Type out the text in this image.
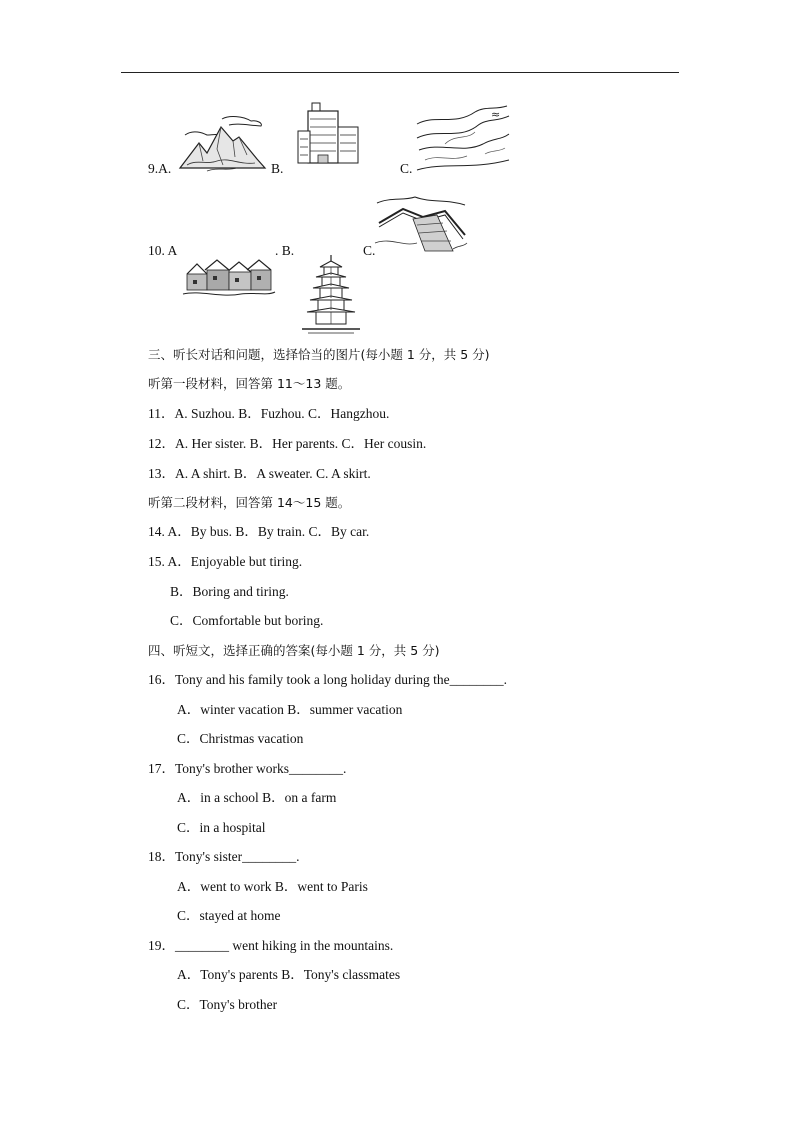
9.A.	B.	C.
≈
10. A	. B.	C.
三、听长对话和问题，选择恰当的图片(每小题 1 分，共 5 分)
听第一段材料，回答第 11～13 题。
11．A. Suzhou. B．Fuzhou. C．Hangzhou.
12．A. Her sister. B．Her parents. C．Her cousin.
13．A. A shirt. B．A sweater. C. A skirt.
听第二段材料，回答第 14～15 题。
14. A．By bus. B．By train. C．By car.
15. A．Enjoyable but tiring.
B．Boring and tiring.
C．Comfortable but boring.
四、听短文，选择正确的答案(每小题 1 分，共 5 分)
16．Tony and his family took a long holiday during the________.
A．winter vacation B．summer vacation
C．Christmas vacation
17．Tony's brother works________.
A．in a school B．on a farm
C．in a hospital
18．Tony's sister________.
A．went to work B．went to Paris
C．stayed at home
19．________ went hiking in the mountains.
A．Tony's parents B．Tony's classmates
C．Tony's brother
